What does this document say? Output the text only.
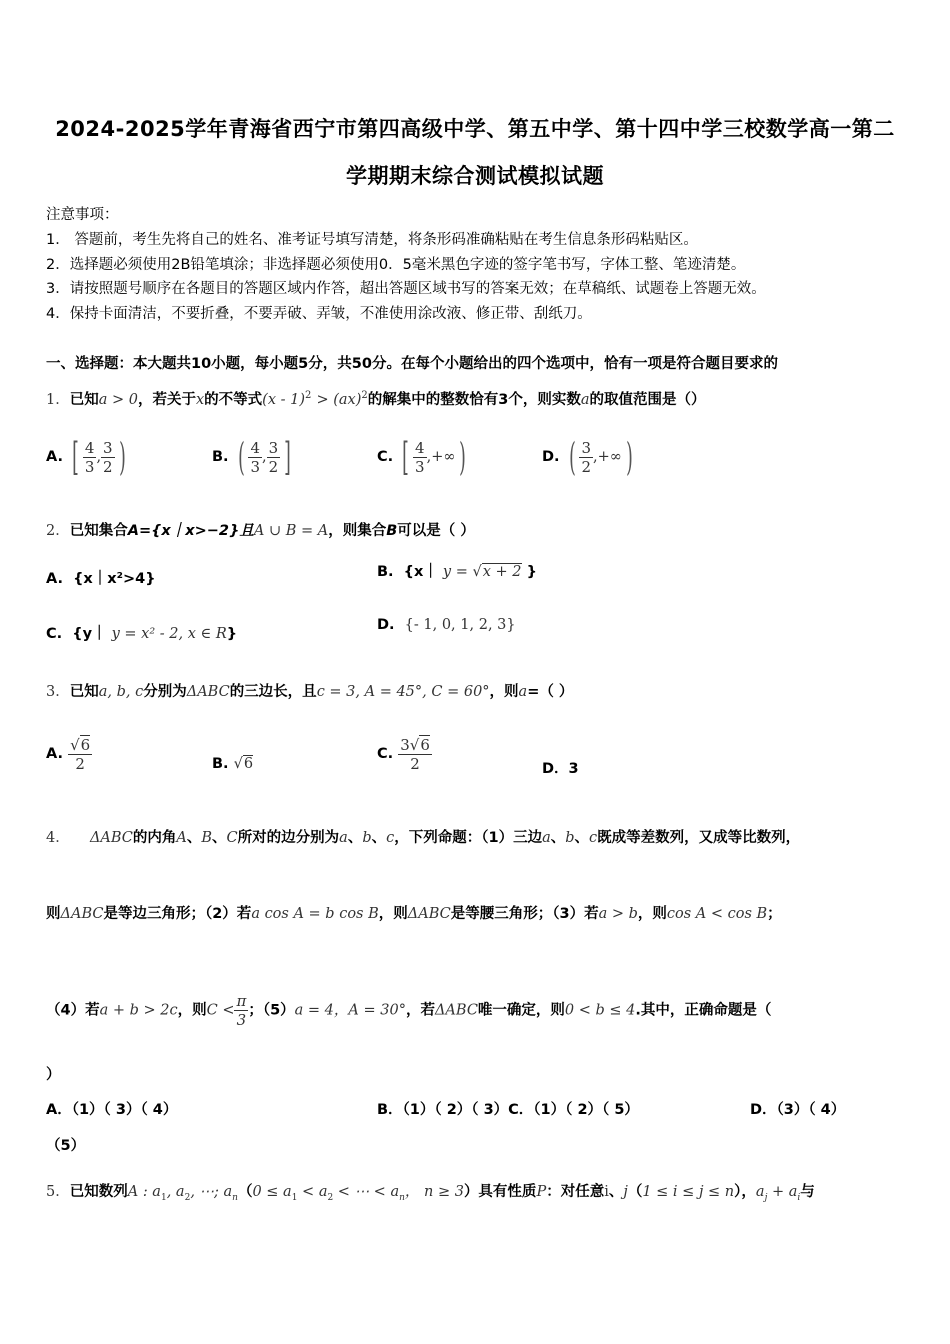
2024-2025学年青海省西宁市第四高级中学、第五中学、第十四中学三校数学高一第二
学期期末综合测试模拟试题
注意事项：
1． 答题前，考生先将自己的姓名、准考证号填写清楚，将条形码准确粘贴在考生信息条形码粘贴区。
2．选择题必须使用2B铅笔填涂；非选择题必须使用0．5毫米黑色字迹的签字笔书写，字体工整、笔迹清楚。
3．请按照题号顺序在各题目的答题区域内作答，超出答题区域书写的答案无效；在草稿纸、试题卷上答题无效。
4．保持卡面清洁，不要折叠，不要弄破、弄皱，不准使用涂改液、修正带、刮纸刀。
一、选择题：本大题共10小题，每小题5分，共50分。在每个小题给出的四个选项中，恰有一项是符合题目要求的
1．已知a > 0，若关于x的不等式(x - 1)$^2$ > (ax)$^2$的解集中的整数恰有3个，则实数a的取值范围是（）
A. [ $\frac{4}{3}$ , $\frac{3}{2}$ )	B. ( $\frac{4}{3}$ , $\frac{3}{2}$ ]	C. [ $\frac{4}{3}$ ,+∞ )	D. ( $\frac{3}{2}$ ,+∞ )
2．已知集合A={x｜x>−2}且A ∪ B = A，则集合B可以是（ ）
A. {x｜x²>4}	B. {x｜ y = √x + 2 }
C. {y｜ y = x² - 2, x ∈ R}
D. {- 1, 0, 1, 2, 3}
3．已知a, b, c分别为ΔABC的三边长，且c = 3, A = 45°, C = 60°，则a=（ ）
A. $\frac{√6}{2}$	B. √6
C. $\frac{3√6}{2}$	D．3
4． ΔABC的内角A、B、C所对的边分别为a、b、c，下列命题：（1）三边a、b、c既成等差数列，又成等比数列，
则ΔABC是等边三角形；（2）若a cos A = b cos B，则ΔABC是等腰三角形；（3）若a > b，则cos A < cos B；
（4）若a + b > 2c，则$C < \frac{\pi}{3}$ ；（5）a = 4，A = 30°，若ΔABC唯一确定，则0 < b ≤ 4.其中，正确命题是（
）
A．（1）（ 3）（ 4）	B．（1）（ 2）（ 3）C．（1）（ 2）（ 5）	D．（3）（ 4）
（5）
5．已知数列A : $a_1$, $a_2$, ⋯; $a_n(0 \le a_1 < a_2$ < ⋯ < $a_n$， n ≥ 3）具有性质P：对任意i、j（1 ≤ i ≤ j ≤ n），$a_j + a_i$与
